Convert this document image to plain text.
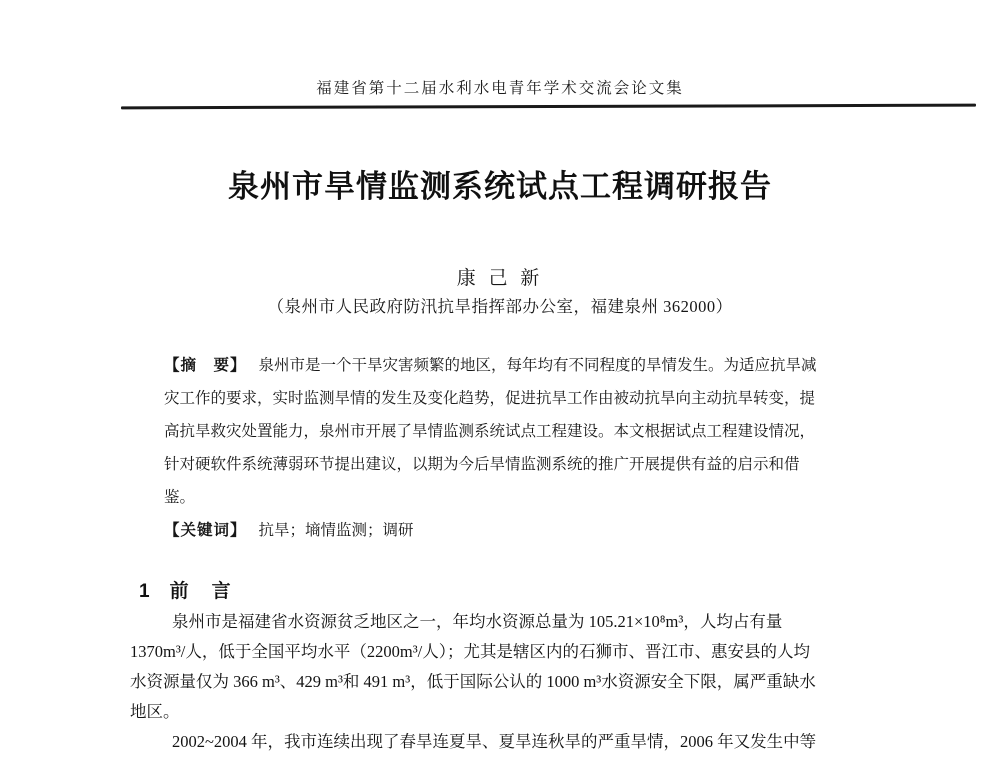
福建省第十二届水利水电青年学术交流会论文集
泉州市旱情监测系统试点工程调研报告
康 己 新
（泉州市人民政府防汛抗旱指挥部办公室，福建泉州 362000）
【摘　要】 泉州市是一个干旱灾害频繁的地区，每年均有不同程度的旱情发生。为适应抗旱减
灾工作的要求，实时监测旱情的发生及变化趋势，促进抗旱工作由被动抗旱向主动抗旱转变，提
高抗旱救灾处置能力，泉州市开展了旱情监测系统试点工程建设。本文根据试点工程建设情况，
针对硬软件系统薄弱环节提出建议，以期为今后旱情监测系统的推广开展提供有益的启示和借
鉴。
【关键词】 抗旱；墒情监测；调研
1 前　言
泉州市是福建省水资源贫乏地区之一，年均水资源总量为 105.21×10⁸m³，人均占有量
1370m³/人，低于全国平均水平（2200m³/人）；尤其是辖区内的石狮市、晋江市、惠安县的人均
水资源量仅为 366 m³、429 m³和 491 m³，低于国际公认的 1000 m³水资源安全下限，属严重缺水
地区。
2002~2004 年，我市连续出现了春旱连夏旱、夏旱连秋旱的严重旱情，2006 年又发生中等
